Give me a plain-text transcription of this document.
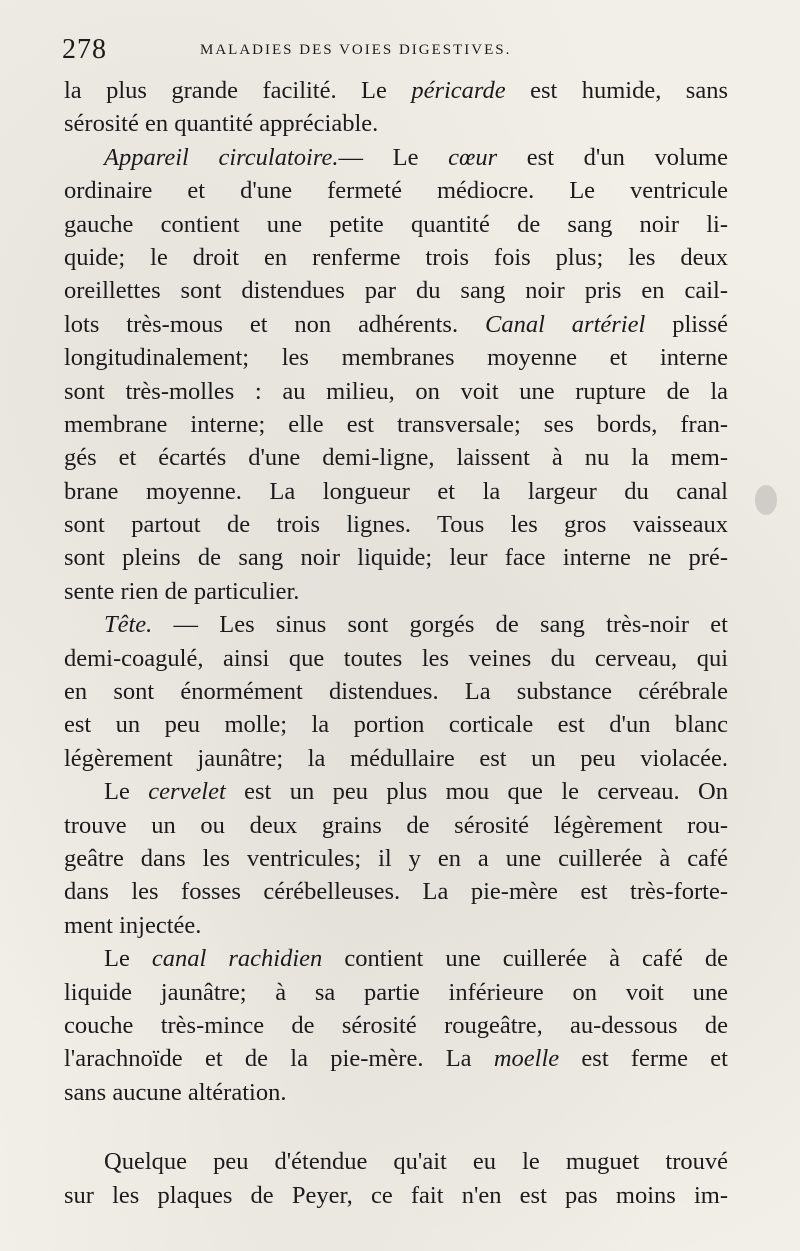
278	MALADIES DES VOIES DIGESTIVES.
la plus grande facilité. Le péricarde est humide, sans
sérosité en quantité appréciable.
Appareil circulatoire.— Le cœur est d'un volume
ordinaire et d'une fermeté médiocre. Le ventricule
gauche contient une petite quantité de sang noir li-
quide; le droit en renferme trois fois plus; les deux
oreillettes sont distendues par du sang noir pris en cail-
lots très-mous et non adhérents. Canal artériel plissé
longitudinalement; les membranes moyenne et interne
sont très-molles : au milieu, on voit une rupture de la
membrane interne; elle est transversale; ses bords, fran-
gés et écartés d'une demi-ligne, laissent à nu la mem-
brane moyenne. La longueur et la largeur du canal
sont partout de trois lignes. Tous les gros vaisseaux
sont pleins de sang noir liquide; leur face interne ne pré-
sente rien de particulier.
Tête. — Les sinus sont gorgés de sang très-noir et
demi-coagulé, ainsi que toutes les veines du cerveau, qui
en sont énormément distendues. La substance cérébrale
est un peu molle; la portion corticale est d'un blanc
légèrement jaunâtre; la médullaire est un peu violacée.
Le cervelet est un peu plus mou que le cerveau. On
trouve un ou deux grains de sérosité légèrement rou-
geâtre dans les ventricules; il y en a une cuillerée à café
dans les fosses cérébelleuses. La pie-mère est très-forte-
ment injectée.
Le canal rachidien contient une cuillerée à café de
liquide jaunâtre; à sa partie inférieure on voit une
couche très-mince de sérosité rougeâtre, au-dessous de
l'arachnoïde et de la pie-mère. La moelle est ferme et
sans aucune altération.
Quelque peu d'étendue qu'ait eu le muguet trouvé
sur les plaques de Peyer, ce fait n'en est pas moins im-
